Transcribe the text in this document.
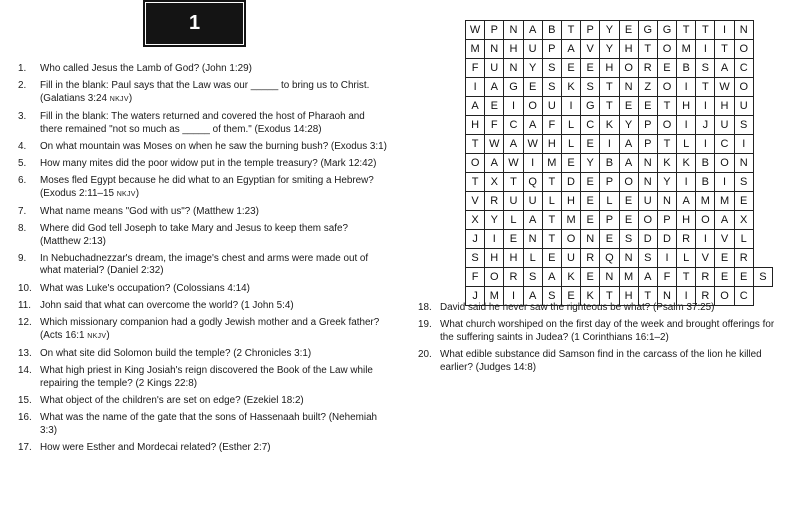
1
1.	Who called Jesus the Lamb of God? (John 1:29)
2.	Fill in the blank: Paul says that the Law was our _____ to bring us to Christ. (Galatians 3:24 NKJV)
3.	Fill in the blank: The waters returned and covered the host of Pharaoh and there remained "not so much as _____ of them." (Exodus 14:28)
4.	On what mountain was Moses on when he saw the burning bush? (Exodus 3:1)
5.	How many mites did the poor widow put in the temple treasury? (Mark 12:42)
6.	Moses fled Egypt because he did what to an Egyptian for smiting a Hebrew? (Exodus 2:11–15 NKJV)
7.	What name means "God with us"? (Matthew 1:23)
8.	Where did God tell Joseph to take Mary and Jesus to keep them safe? (Matthew 2:13)
9.	In Nebuchadnezzar's dream, the image's chest and arms were made out of what material? (Daniel 2:32)
10. What was Luke's occupation? (Colossians 4:14)
11. John said that what can overcome the world? (1 John 5:4)
12. Which missionary companion had a godly Jewish mother and a Greek father? (Acts 16:1 NKJV)
13. On what site did Solomon build the temple? (2 Chronicles 3:1)
14. What high priest in King Josiah's reign discovered the Book of the Law while repairing the temple? (2 Kings 22:8)
15. What object of the children's are set on edge? (Ezekiel 18:2)
16. What was the name of the gate that the sons of Hassenaah built? (Nehemiah 3:3)
17. How were Esther and Mordecai related? (Esther 2:7)
18. David said he never saw the righteous be what? (Psalm 37:25)
19. What church worshiped on the first day of the week and brought offerings for the suffering saints in Judea? (1 Corinthians 16:1–2)
20. What edible substance did Samson find in the carcass of the lion he killed earlier? (Judges 14:8)
W	P	N	A	B	T	P	Y	E	G	G	T	T	I	N	
M	N	H	U	P	A	V	Y	H	T	O	M	I	T	O	
F	U	N	Y	S	E	E	H	O	R	E	B	S	A	C	
I	A	G	E	S	K	S	T	N	Z	O	I	T	W	O	
A	E	I	O	U	I	G	T	E	E	T	H	I	H	U	
H	F	C	A	F	L	C	K	Y	P	O	I	J	U	S	
T	W	A	W	H	L	E	I	A	P	T	L	I	C	I	
O	A	W	I	M	E	Y	B	A	N	K	K	B	O	N	
T	X	T	Q	T	D	E	P	O	N	Y	I	B	I	S	
V	R	U	U	L	H	E	L	E	U	N	A	M	M	E	
X	Y	L	A	T	M	E	P	E	O	P	H	O	A	X	
J	I	E	N	T	O	N	E	S	D	D	R	I	V	L	
S	H	H	L	E	U	R	Q	N	S	I	L	V	E	R	
F	O	R	S	A	K	E	N	M	A	F	T	R	E	E	S
J	M	I	A	S	E	K	T	H	T	N	I	R	O	C	
